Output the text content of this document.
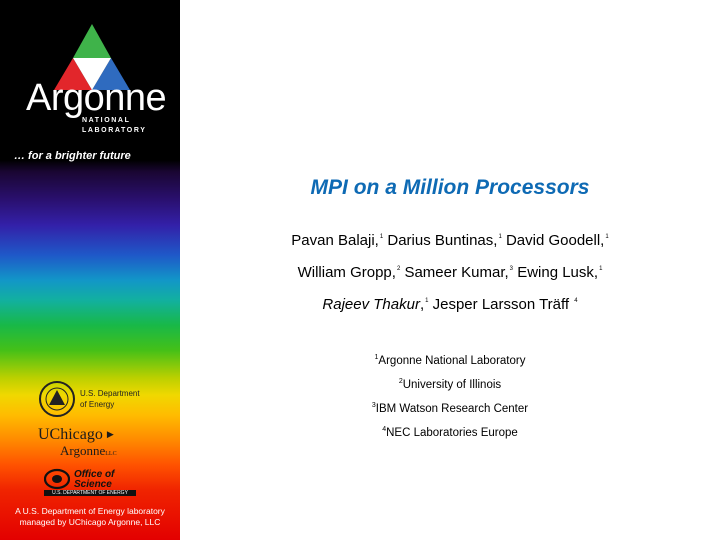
Argonne
NATIONAL
LABORATORY
… for a brighter future
U.S. Department
of Energy
UChicago ▶
ArgonneLLC
Office of
Science
U.S. DEPARTMENT OF ENERGY
A U.S. Department of Energy laboratory
managed by UChicago Argonne, LLC
MPI on a Million Processors
Pavan Balaji,$^1$ Darius Buntinas,$^1$ David Goodell,$^1$
William Gropp,$^2$ Sameer Kumar,$^3$ Ewing Lusk,$^1$
Rajeev Thakur,$^1$ Jesper Larsson Träff $^4$
$^1$Argonne National Laboratory
$^2$University of Illinois
$^3$IBM Watson Research Center
$^4$NEC Laboratories Europe
